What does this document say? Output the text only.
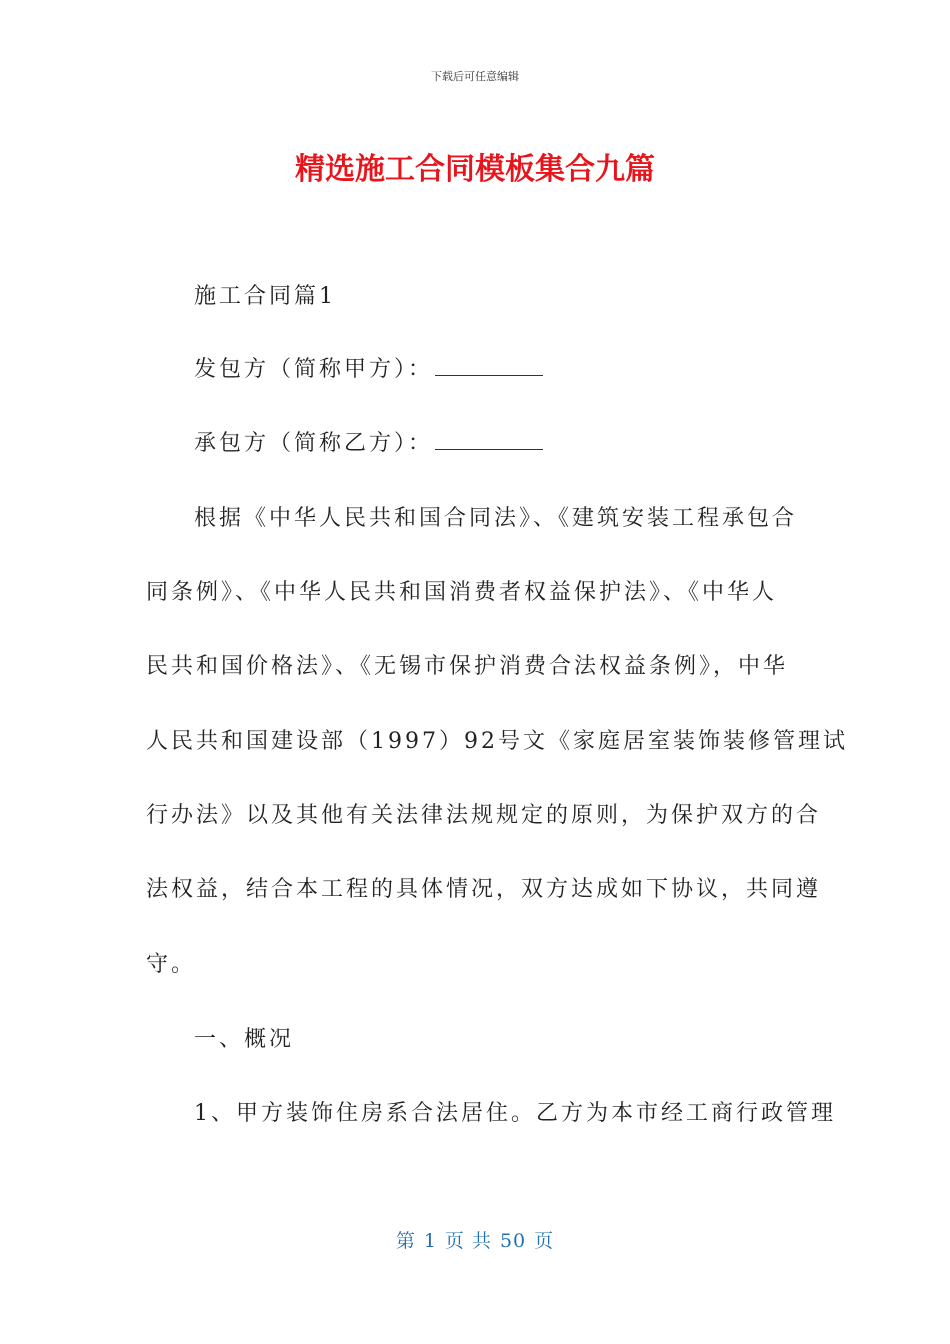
下载后可任意编辑
精选施工合同模板集合九篇
施工合同篇1
发包方（简称甲方）：
承包方（简称乙方）：
根据《中华人民共和国合同法》、《建筑安装工程承包合
同条例》、《中华人民共和国消费者权益保护法》、《中华人
民共和国价格法》、《无锡市保护消费合法权益条例》，中华
人民共和国建设部（1997）92号文《家庭居室装饰装修管理试
行办法》以及其他有关法律法规规定的原则，为保护双方的合
法权益，结合本工程的具体情况，双方达成如下协议，共同遵
守。
一、概况
1、甲方装饰住房系合法居住。乙方为本市经工商行政管理
第 1 页 共 50 页
